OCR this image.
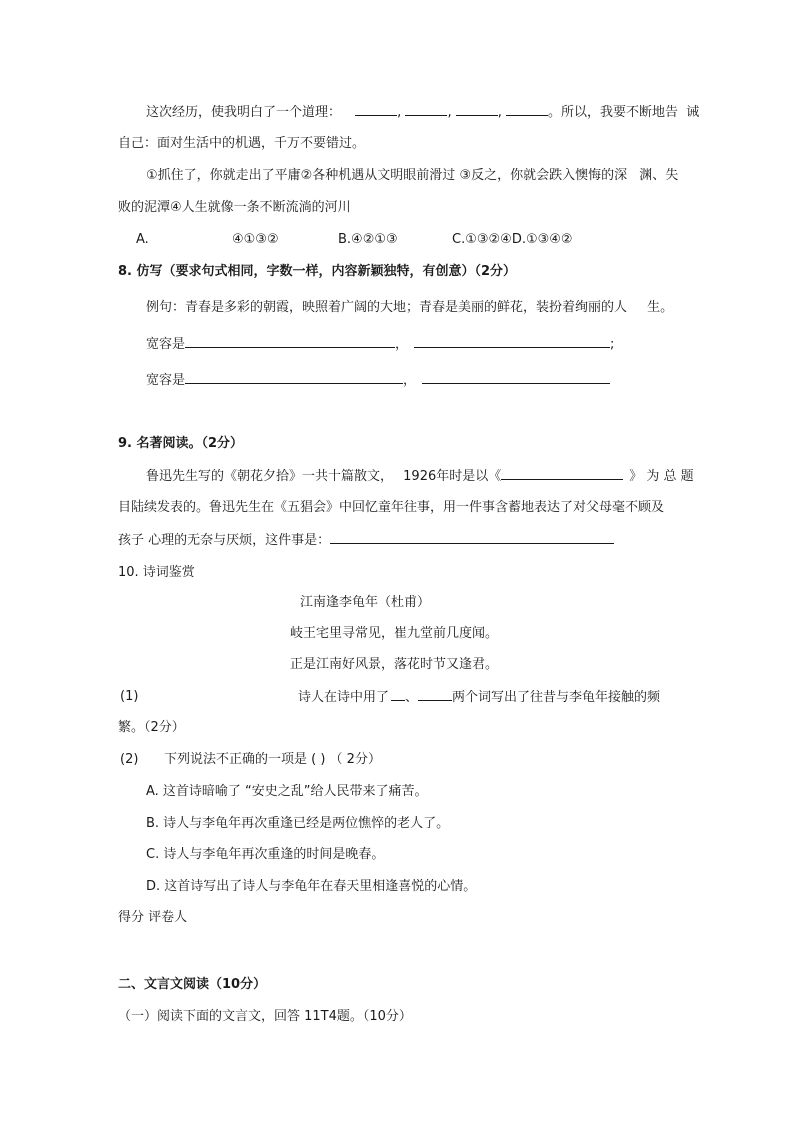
这次经历，使我明白了一个道理：	,	,	,	。所以，我要不断地告 诫
自己：面对生活中的机遇，千万不要错过。
①抓住了，你就走出了平庸②各种机遇从文明眼前滑过 ③反之，你就会跌入懊悔的深 渊、失
败的泥潭④人生就像一条不断流淌的河川
A.	④①③②	B.④②①③	C.①③②④D.①③④②
8. 仿写（要求句式相同，字数一样，内容新颖独特，有创意）（2分）
例句：青春是多彩的朝霞，映照着广阔的大地；青春是美丽的鲜花，装扮着绚丽的人 生。
宽容是	，	;
宽容是	，
9. 名著阅读。（2分）
鲁迅先生写的《朝花夕拾》一共十篇散文， 1926年时是以《	》 为 总 题
目陆续发表的。鲁迅先生在《五猖会》中回忆童年往事，用一件事含蓄地表达了对父母毫不顾及
孩子 心理的无奈与厌烦，这件事是：
10. 诗词鉴赏
江南逢李龟年（杜甫）
岐王宅里寻常见，崔九堂前几度闻。
正是江南好风景，落花时节又逢君。
(1)	诗人在诗中用了 、	两个词写出了往昔与李龟年接触的频
繁。（2分）
(2) 下列说法不正确的一项是 ( ) （ 2分）
A. 这首诗暗喻了 “安史之乱”给人民带来了痛苦。
B. 诗人与李龟年再次重逢已经是两位憔悴的老人了。
C. 诗人与李龟年再次重逢的时间是晚春。
D. 这首诗写出了诗人与李龟年在春天里相逢喜悦的心情。
得分 评卷人
二、文言文阅读（10分）
（一）阅读下面的文言文，回答 11T4题。（10分）
